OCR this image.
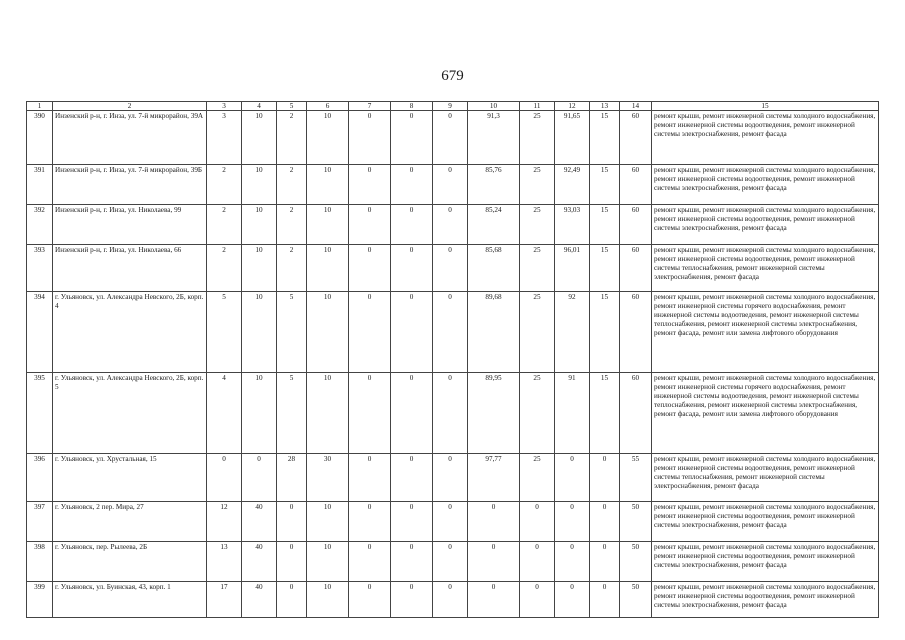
679
1	2	3	4	5	6	7	8	9	10	11	12	13	14	15
390	Инзенский р-н, г. Инза, ул. 7-й микрорайон, 39А	3	10	2	10	0	0	0	91,3	25	91,65	15	60	ремонт крыши, ремонт инженерной системы холодного водоснабжения, ремонт инженерной системы водоотведения, ремонт инженерной системы электроснабжения, ремонт фасада
391	Инзенский р-н, г. Инза, ул. 7-й микрорайон, 39Б	2	10	2	10	0	0	0	85,76	25	92,49	15	60	ремонт крыши, ремонт инженерной системы холодного водоснабжения, ремонт инженерной системы водоотведения, ремонт инженерной системы электроснабжения, ремонт фасада
392	Инзенский р-н, г. Инза, ул. Николаева, 99	2	10	2	10	0	0	0	85,24	25	93,03	15	60	ремонт крыши, ремонт инженерной системы холодного водоснабжения, ремонт инженерной системы водоотведения, ремонт инженерной системы электроснабжения, ремонт фасада
393	Инзенский р-н, г. Инза, ул. Николаева, 66	2	10	2	10	0	0	0	85,68	25	96,01	15	60	ремонт крыши, ремонт инженерной системы холодного водоснабжения, ремонт инженерной системы водоотведения, ремонт инженерной системы теплоснабжения, ремонт инженерной системы электроснабжения, ремонт фасада
394	г. Ульяновск, ул. Александра Невского, 2Б, корп. 4	5	10	5	10	0	0	0	89,68	25	92	15	60	ремонт крыши, ремонт инженерной системы холодного водоснабжения, ремонт инженерной системы горячего водоснабжения, ремонт инженерной системы водоотведения, ремонт инженерной системы теплоснабжения, ремонт инженерной системы электроснабжения, ремонт фасада, ремонт или замена лифтового оборудования
395	г. Ульяновск, ул. Александра Невского, 2Б, корп. 5	4	10	5	10	0	0	0	89,95	25	91	15	60	ремонт крыши, ремонт инженерной системы холодного водоснабжения, ремонт инженерной системы горячего водоснабжения, ремонт инженерной системы водоотведения, ремонт инженерной системы теплоснабжения, ремонт инженерной системы электроснабжения, ремонт фасада, ремонт или замена лифтового оборудования
396	г. Ульяновск, ул. Хрустальная, 15	0	0	28	30	0	0	0	97,77	25	0	0	55	ремонт крыши, ремонт инженерной системы холодного водоснабжения, ремонт инженерной системы водоотведения, ремонт инженерной системы теплоснабжения, ремонт инженерной системы электроснабжения, ремонт фасада
397	г. Ульяновск, 2 пер. Мира, 27	12	40	0	10	0	0	0	0	0	0	0	50	ремонт крыши, ремонт инженерной системы холодного водоснабжения, ремонт инженерной системы водоотведения, ремонт инженерной системы электроснабжения, ремонт фасада
398	г. Ульяновск, пер. Рылеева, 2Б	13	40	0	10	0	0	0	0	0	0	0	50	ремонт крыши, ремонт инженерной системы холодного водоснабжения, ремонт инженерной системы водоотведения, ремонт инженерной системы электроснабжения, ремонт фасада
399	г. Ульяновск, ул. Буинская, 43, корп. 1	17	40	0	10	0	0	0	0	0	0	0	50	ремонт крыши, ремонт инженерной системы холодного водоснабжения, ремонт инженерной системы водоотведения, ремонт инженерной системы электроснабжения, ремонт фасада
